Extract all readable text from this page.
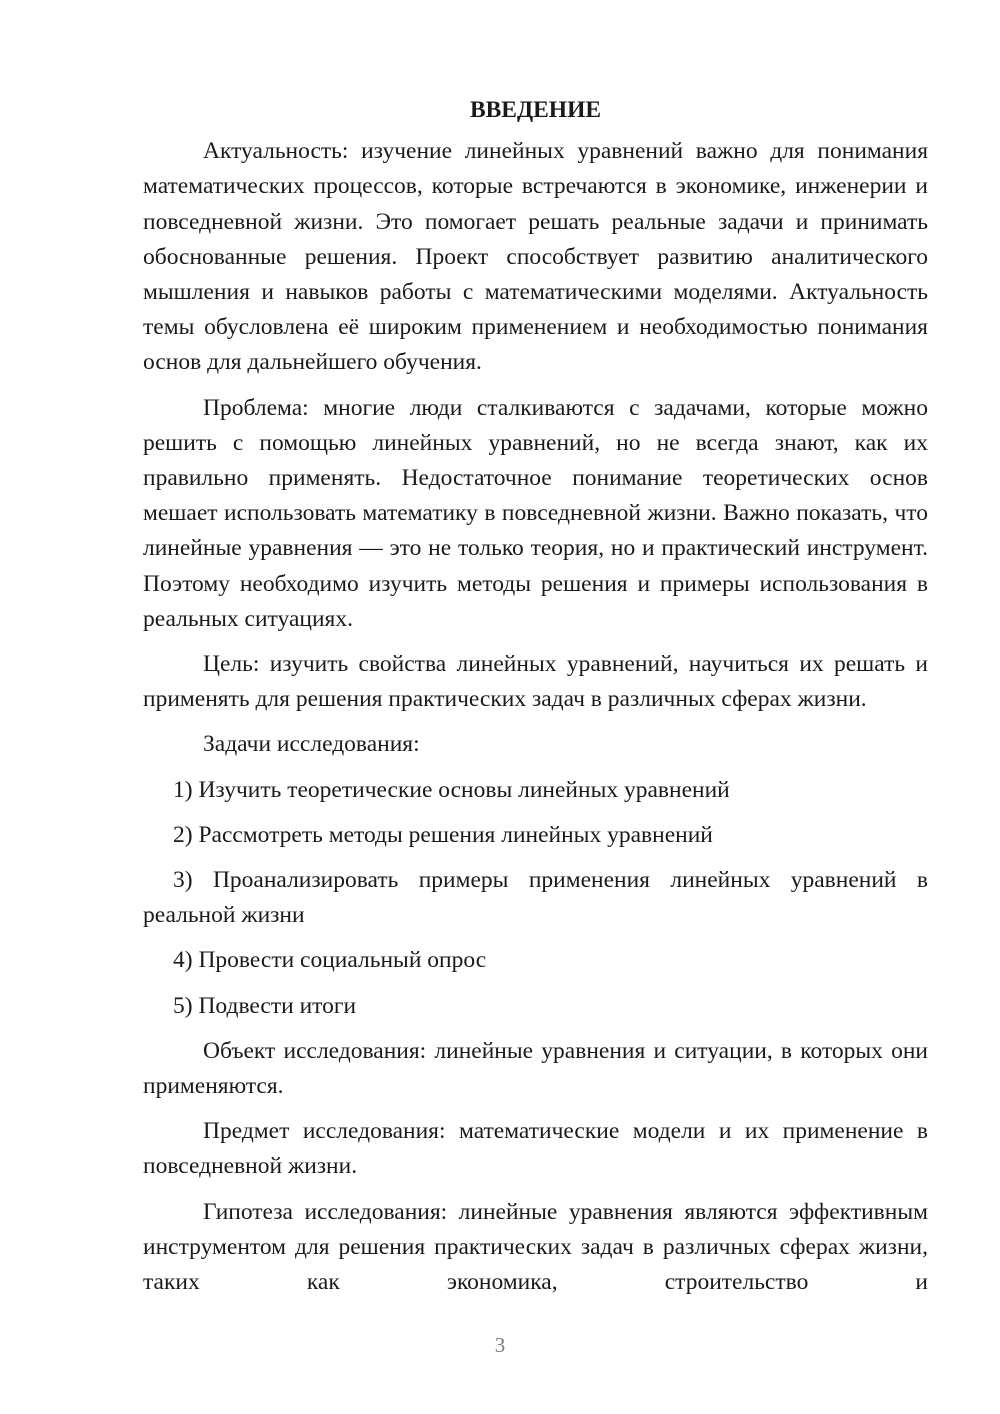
ВВЕДЕНИЕ

Актуальность: изучение линейных уравнений важно для понимания математических процессов, которые встречаются в экономике, инженерии и повседневной жизни. Это помогает решать реальные задачи и принимать обоснованные решения. Проект способствует развитию аналитического мышления и навыков работы с математическими моделями. Актуальность темы обусловлена её широким применением и необходимостью понимания основ для дальнейшего обучения.

Проблема: многие люди сталкиваются с задачами, которые можно решить с помощью линейных уравнений, но не всегда знают, как их правильно применять. Недостаточное понимание теоретических основ мешает использовать математику в повседневной жизни. Важно показать, что линейные уравнения — это не только теория, но и практический инструмент. Поэтому необходимо изучить методы решения и примеры использования в реальных ситуациях.

Цель: изучить свойства линейных уравнений, научиться их решать и применять для решения практических задач в различных сферах жизни.

Задачи исследования:

1) Изучить теоретические основы линейных уравнений

2) Рассмотреть методы решения линейных уравнений

3) Проанализировать примеры применения линейных уравнений в реальной жизни

4) Провести социальный опрос

5) Подвести итоги

Объект исследования: линейные уравнения и ситуации, в которых они применяются.

Предмет исследования: математические модели и их применение в повседневной жизни.

Гипотеза исследования: линейные уравнения являются эффективным инструментом для решения практических задач в различных сферах жизни, таких как экономика, строительство и

3
